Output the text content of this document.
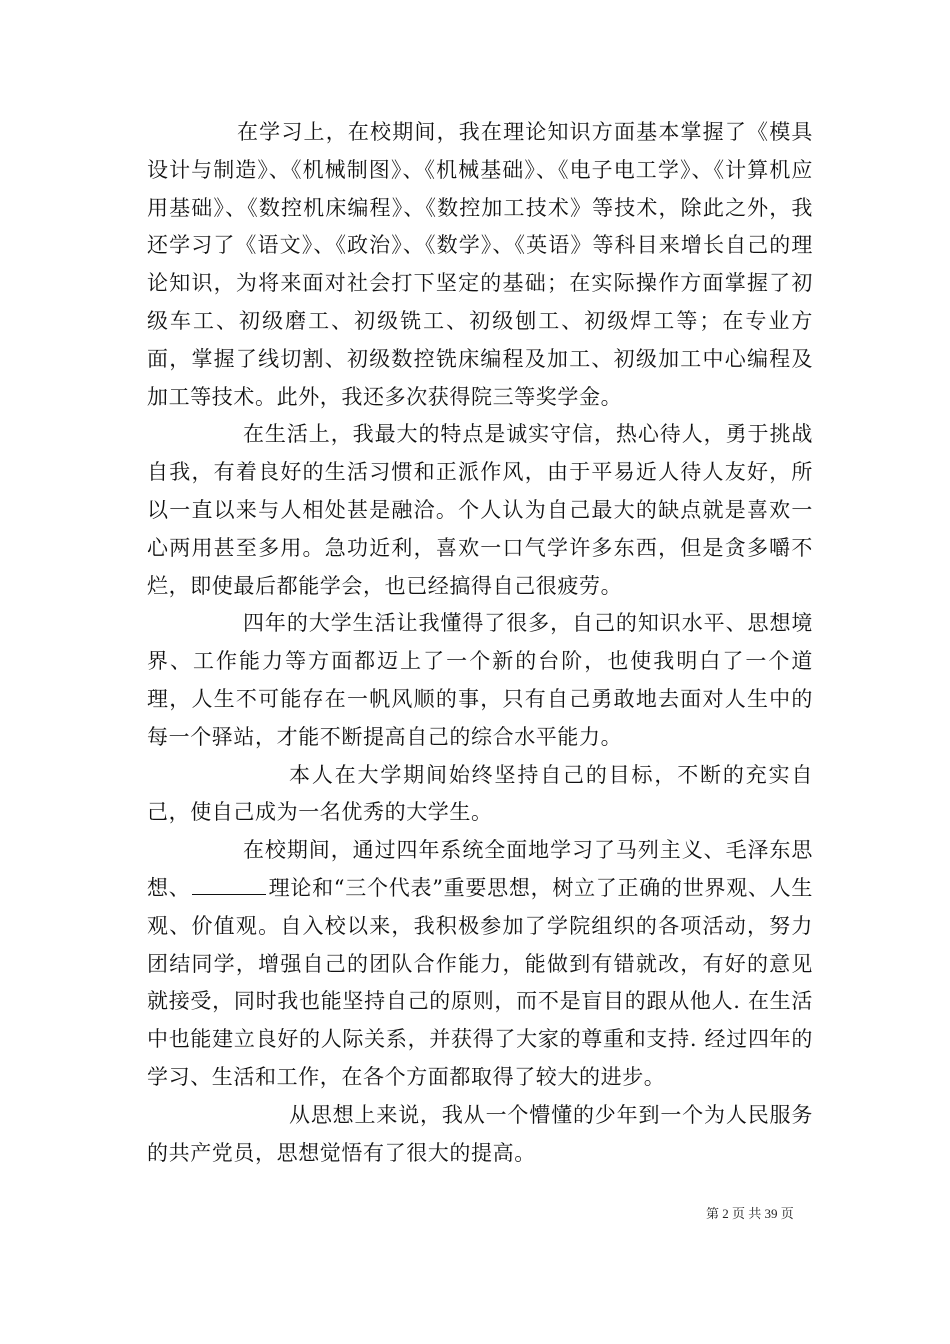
在学习上，在校期间，我在理论知识方面基本掌握了《模具设计与制造》、《机械制图》、《机械基础》、《电子电工学》、《计算机应用基础》、《数控机床编程》、《数控加工技术》等技术，除此之外，我还学习了《语文》、《政治》、《数学》、《英语》等科目来增长自己的理论知识，为将来面对社会打下坚定的基础；在实际操作方面掌握了初级车工、初级磨工、初级铣工、初级刨工、初级焊工等；在专业方面，掌握了线切割、初级数控铣床编程及加工、初级加工中心编程及加工等技术。此外，我还多次获得院三等奖学金。

在生活上，我最大的特点是诚实守信，热心待人，勇于挑战自我，有着良好的生活习惯和正派作风，由于平易近人待人友好，所以一直以来与人相处甚是融洽。个人认为自己最大的缺点就是喜欢一心两用甚至多用。急功近利，喜欢一口气学许多东西，但是贪多嚼不烂，即使最后都能学会，也已经搞得自己很疲劳。

四年的大学生活让我懂得了很多，自己的知识水平、思想境界、工作能力等方面都迈上了一个新的台阶，也使我明白了一个道理，人生不可能存在一帆风顺的事，只有自己勇敢地去面对人生中的每一个驿站，才能不断提高自己的综合水平能力。

本人在大学期间始终坚持自己的目标，不断的充实自己，使自己成为一名优秀的大学生。

在校期间，通过四年系统全面地学习了马列主义、毛泽东思想、	理论和“三个代表”重要思想，树立了正确的世界观、人生观、价值观。自入校以来，我积极参加了学院组织的各项活动，努力团结同学，增强自己的团队合作能力，能做到有错就改，有好的意见就接受，同时我也能坚持自己的原则，而不是盲目的跟从他人. 在生活中也能建立良好的人际关系，并获得了大家的尊重和支持. 经过四年的学习、生活和工作，在各个方面都取得了较大的进步。

从思想上来说，我从一个懵懂的少年到一个为人民服务的共产党员，思想觉悟有了很大的提高。

第 2 页 共 39 页
